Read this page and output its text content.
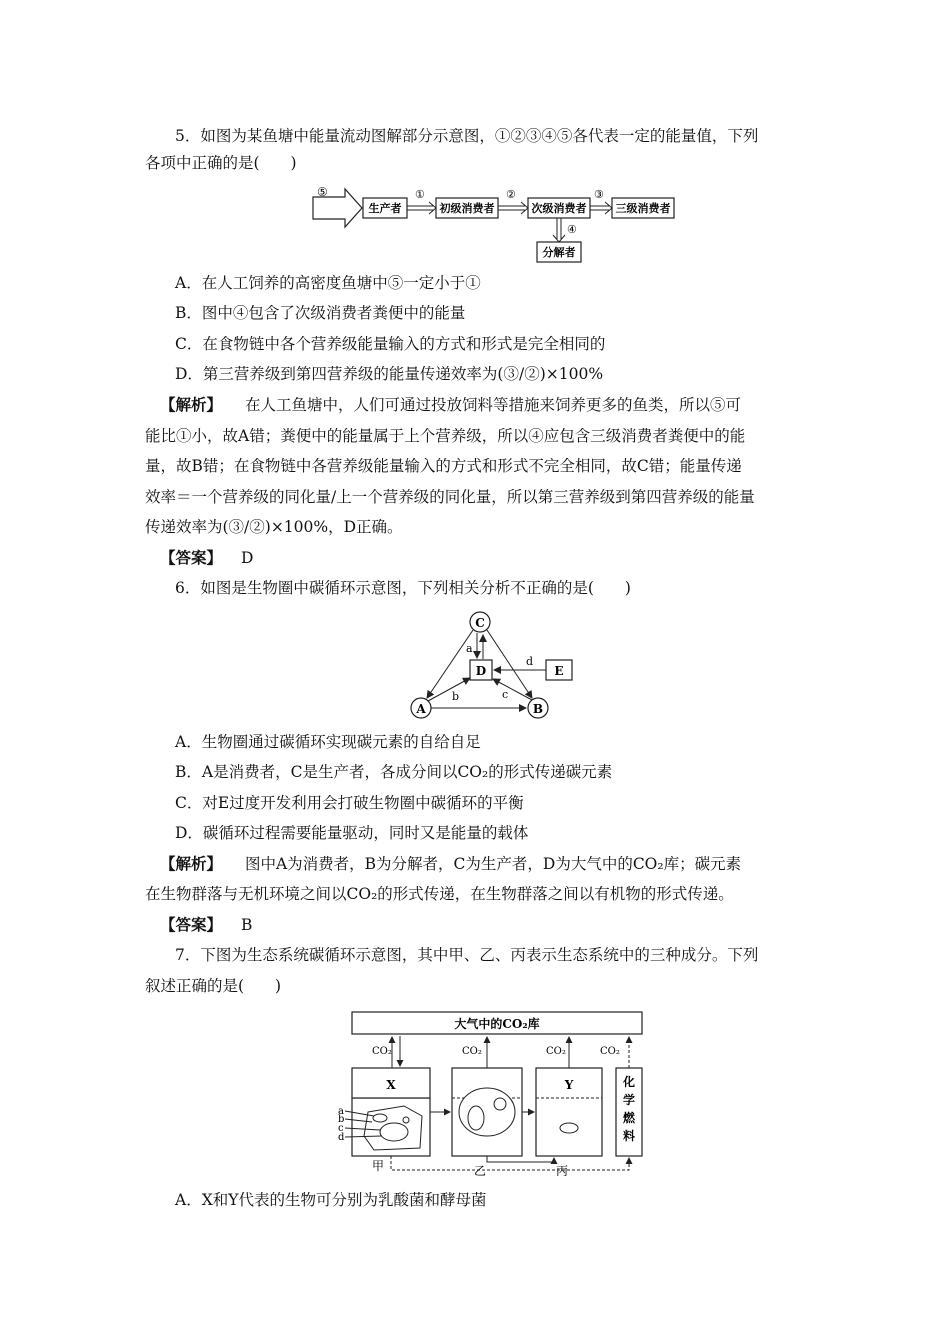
5．如图为某鱼塘中能量流动图解部分示意图，①②③④⑤各代表一定的能量值，下列
各项中正确的是(　　)
⑤
生产者	初级消费者	次级消费者	三级消费者
分解者
①	②	③
④
A．在人工饲养的高密度鱼塘中⑤一定小于①
B．图中④包含了次级消费者粪便中的能量
C．在食物链中各个营养级能量输入的方式和形式是完全相同的
D．第三营养级到第四营养级的能量传递效率为(③/②)×100%
【解析】 在人工鱼塘中，人们可通过投放饲料等措施来饲养更多的鱼类，所以⑤可
能比①小，故A错；粪便中的能量属于上个营养级，所以④应包含三级消费者粪便中的能
量，故B错；在食物链中各营养级能量输入的方式和形式不完全相同，故C错；能量传递
效率＝一个营养级的同化量/上一个营养级的同化量，所以第三营养级到第四营养级的能量
传递效率为(③/②)×100%，D正确。
【答案】 D
6．如图是生物圈中碳循环示意图，下列相关分析不正确的是(　　)
C
A	B
D	E
a
d
b	c
A．生物圈通过碳循环实现碳元素的自给自足
B．A是消费者，C是生产者，各成分间以CO₂的形式传递碳元素
C．对E过度开发利用会打破生物圈中碳循环的平衡
D．碳循环过程需要能量驱动，同时又是能量的载体
【解析】 图中A为消费者，B为分解者，C为生产者，D为大气中的CO₂库；碳元素
在生物群落与无机环境之间以CO₂的形式传递，在生物群落之间以有机物的形式传递。
【答案】 B
7．下图为生态系统碳循环示意图，其中甲、乙、丙表示生态系统中的三种成分。下列
叙述正确的是(　　)
大气中的CO₂库
X	Y	化
学
燃
料
CO₂	CO₂	CO₂	CO₂
a
b
c
d
甲	乙	丙
A．X和Y代表的生物可分别为乳酸菌和酵母菌
